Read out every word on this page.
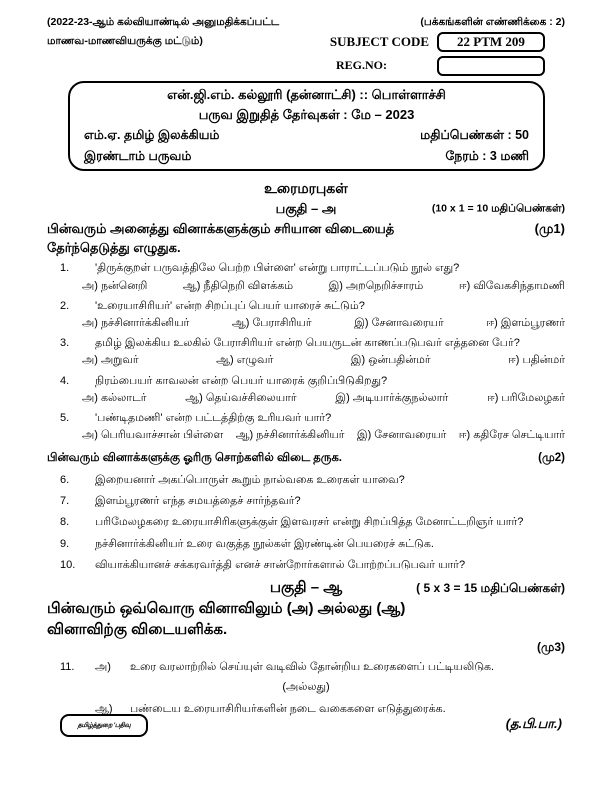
(2022-23-ஆம் கல்வியாண்டில் அனுமதிக்கப்பட்ட	(பக்கங்களின் எண்ணிக்கை : 2)
மாணவ-மாணவியருக்கு மட்டும்)	SUBJECT CODE	22 PTM 209
REG.NO:
என்.ஜி.எம். கல்லூரி (தன்னாட்சி) :: பொள்ளாச்சி
பருவ இறுதித் தேர்வுகள் : மே – 2023
எம்.ஏ. தமிழ் இலக்கியம்	மதிப்பெண்கள் : 50
இரண்டாம் பருவம்	நேரம் : 3 மணி
உரைமரபுகள்
பகுதி – அ	(10 x 1 = 10 மதிப்பெண்கள்)
பின்வரும் அனைத்து வினாக்களுக்கும் சரியான விடையைத்	(மு1)
தேர்ந்தெடுத்து எழுதுக.
1.	'திருக்குறள் பருவத்திலே பெற்ற பிள்ளை' என்று பாராட்டப்படும் நூல் எது?
அ) நன்னெறி	ஆ) நீதிநெறி விளக்கம்	இ) அறநெறிச்சாரம்	ஈ) விவேகசிந்தாமணி
2.	'உரையாசிரியர்' என்ற சிறப்புப் பெயர் யாரைச் சுட்டும்?
அ) நச்சினார்க்கினியர்	ஆ) பேராசிரியர்	இ) சேனாவரையர்	ஈ) இளம்பூரணர்
3.	தமிழ் இலக்கிய உலகில் பேராசிரியர் என்ற பெயருடன் காணப்படுபவர் எத்தனை பேர்?
அ) அறுவர்	ஆ) எழுவர்	இ) ஒன்பதின்மர்	ஈ) பதின்மர்
4.	நிரம்பையர் காவலன் என்ற பெயர் யாரைக் குறிப்பிடுகிறது?
அ) கல்லாடர்	ஆ) தெய்வச்சிலையார்	இ) அடியார்க்குநல்லார்	ஈ) பரிமேலழகர்
5.	'பண்டிதமணி' என்ற பட்டத்திற்கு உரியவர் யார்?
அ) பெரியவாச்சான் பிள்ளை ஆ) நச்சினார்க்கினியர் இ) சேனாவரையர் ஈ) கதிரேச செட்டியார்
பின்வரும் வினாக்களுக்கு ஓரிரு சொற்களில் விடை தருக.	(மு2)
6.	இறையனார் அகப்பொருள் கூறும் நால்வகை உரைகள் யாவை?
7.	இளம்பூரணர் எந்த சமயத்தைச் சார்ந்தவர்?
8.	பரிமேலழகரை உரையாசிரிகளுக்குள் இளவரசர் என்று சிறப்பித்த மேனாட்டறிஞர் யார்?
9.	நச்சினார்க்கினியர் உரை வகுத்த நூல்கள் இரண்டின் பெயரைச் சுட்டுக.
10.	வியாக்கியானச் சக்கரவர்த்தி எனச் சான்றோர்களால் போற்றப்படுபவர் யார்?
பகுதி – ஆ	( 5 x 3 = 15 மதிப்பெண்கள்)
பின்வரும் ஒவ்வொரு வினாவிலும் (அ) அல்லது (ஆ)
வினாவிற்கு விடையளிக்க.
(மு3)
11.	அ)	உரை வரலாற்றில் செய்யுள் வடிவில் தோன்றிய உரைகளைப் பட்டியலிடுக.
(அல்லது)
ஆ)	பண்டைய உரையாசிரியர்களின் நடை வகைகளை எடுத்துரைக்க.
தமிழ்த்துறை 'பதிவு	(த.பி.பா.)
